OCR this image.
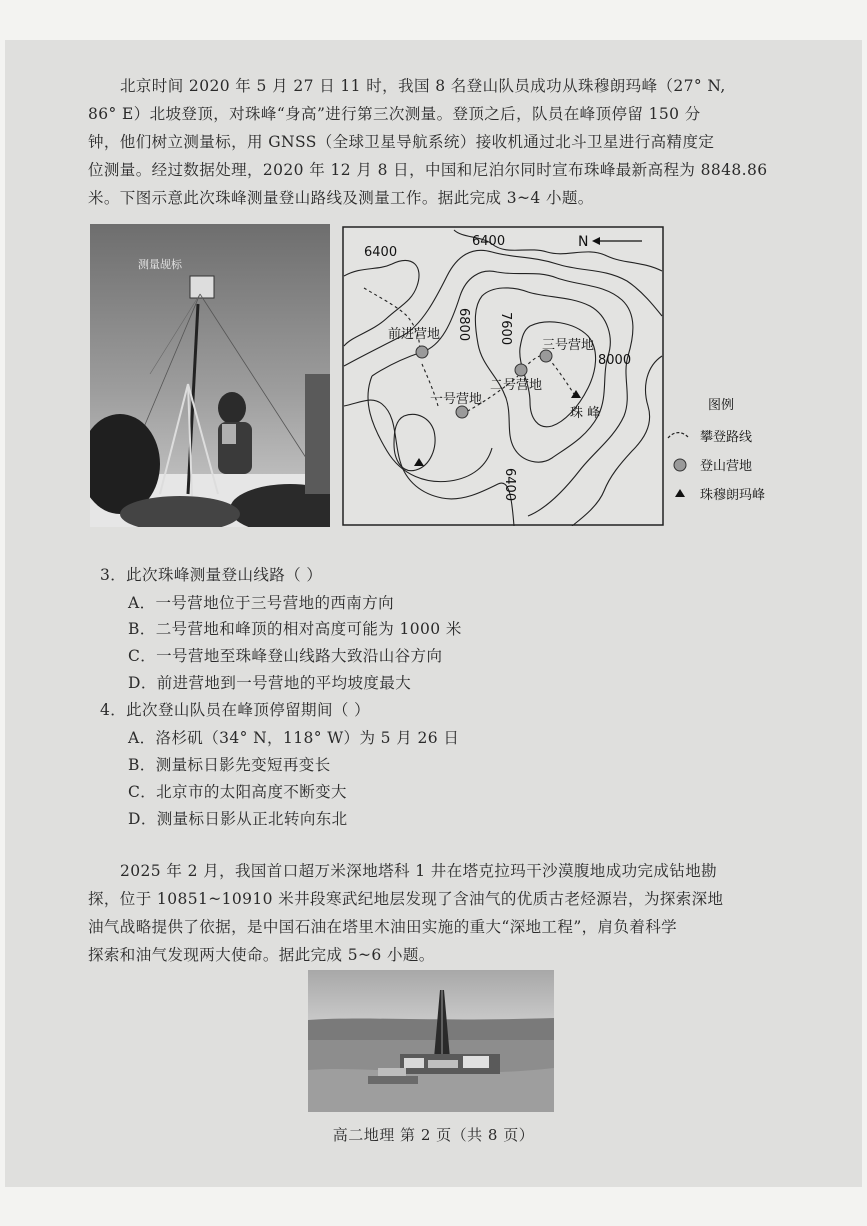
北京时间 2020 年 5 月 27 日 11 时，我国 8 名登山队员成功从珠穆朗玛峰（27° N,
86° E）北坡登顶，对珠峰“身高”进行第三次测量。登顶之后，队员在峰顶停留 150 分
钟，他们树立测量标，用 GNSS（全球卫星导航系统）接收机通过北斗卫星进行高精度定
位测量。经过数据处理，2020 年 12 月 8 日，中国和尼泊尔同时宣布珠峰最新高程为 8848.86
米。下图示意此次珠峰测量登山路线及测量工作。据此完成 3~4 小题。
测量觇标
N
6400
6400
6800 7600
8000
6400
前进营地
一号营地
二号营地
三号营地
珠 峰
图例
攀登路线
登山营地
珠穆朗玛峰
3．此次珠峰测量登山线路（ ）
A．一号营地位于三号营地的西南方向
B．二号营地和峰顶的相对高度可能为 1000 米
C．一号营地至珠峰登山线路大致沿山谷方向
D．前进营地到一号营地的平均坡度最大
4．此次登山队员在峰顶停留期间（ ）
A．洛杉矶（34° N，118° W）为 5 月 26 日
B．测量标日影先变短再变长
C．北京市的太阳高度不断变大
D．测量标日影从正北转向东北
2025 年 2 月，我国首口超万米深地塔科 1 井在塔克拉玛干沙漠腹地成功完成钻地勘
探，位于 10851~10910 米井段寒武纪地层发现了含油气的优质古老烃源岩，为探索深地
油气战略提供了依据，是中国石油在塔里木油田实施的重大“深地工程”，肩负着科学
探索和油气发现两大使命。据此完成 5~6 小题。
高二地理 第 2 页（共 8 页）
